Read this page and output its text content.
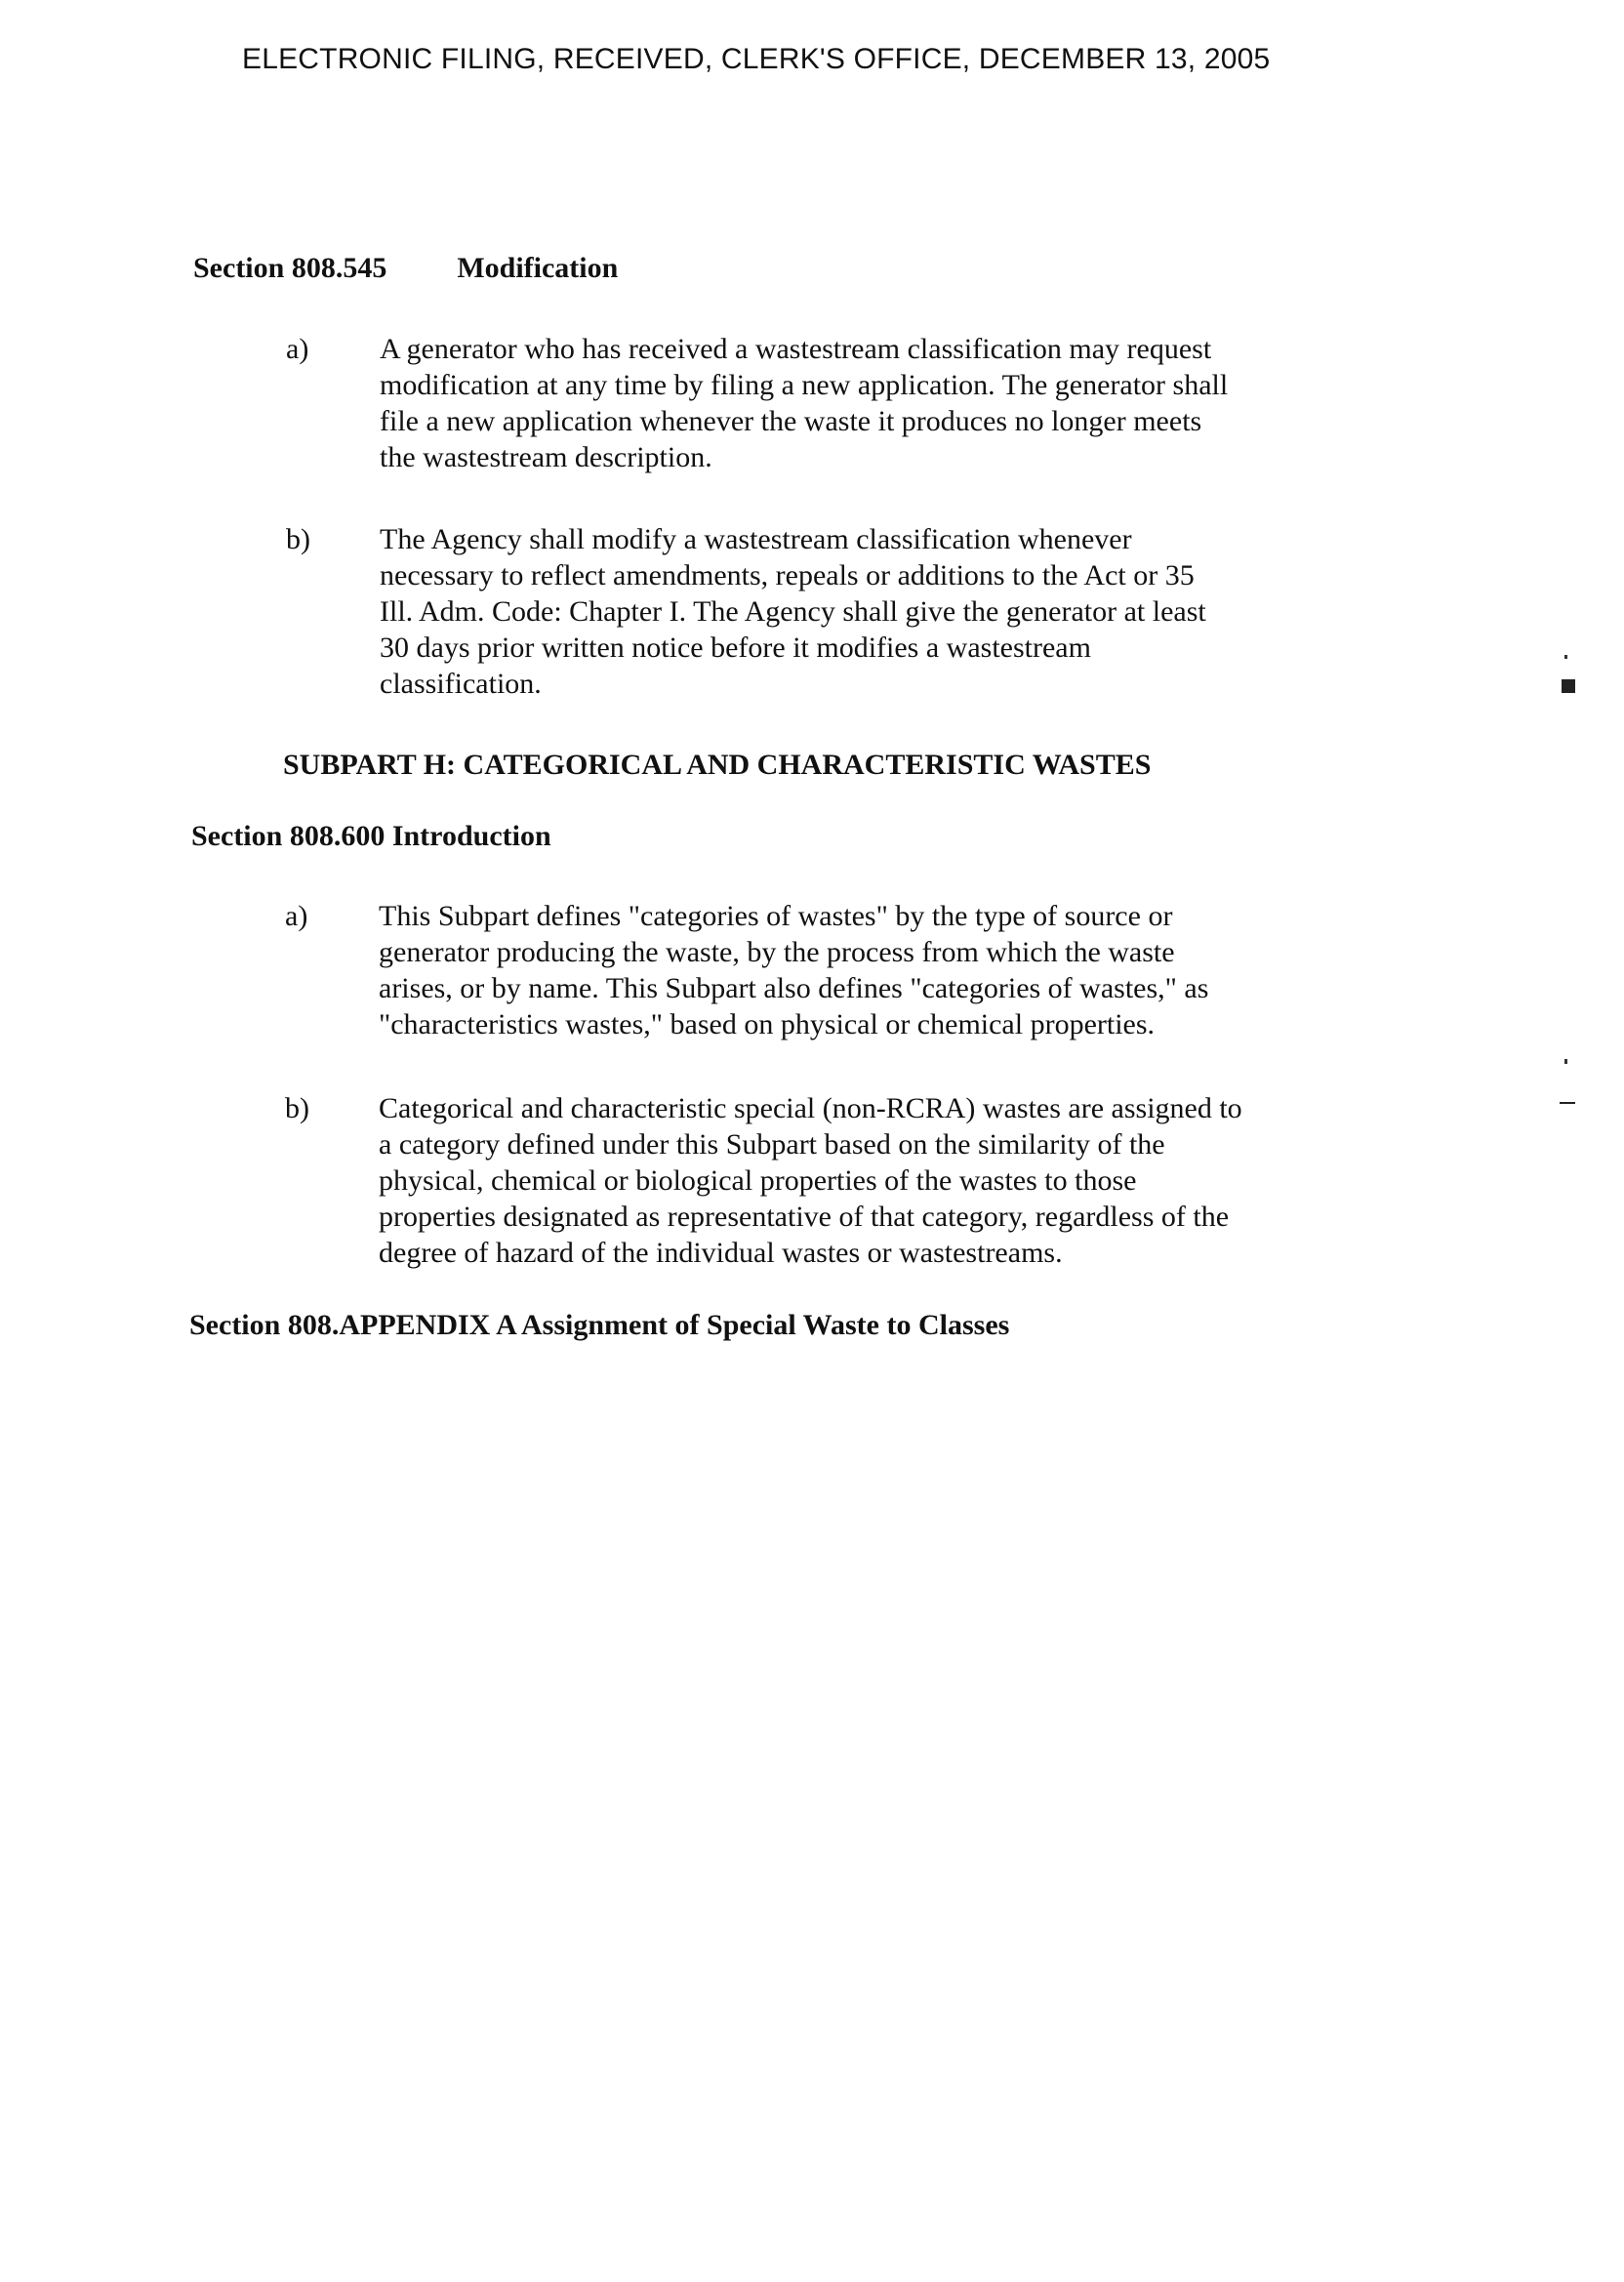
ELECTRONIC FILING, RECEIVED, CLERK'S OFFICE, DECEMBER 13, 2005
Section 808.545 Modification
a) A generator who has received a wastestream classification may request
modification at any time by filing a new application. The generator shall
file a new application whenever the waste it produces no longer meets
the wastestream description.
b) The Agency shall modify a wastestream classification whenever
necessary to reflect amendments, repeals or additions to the Act or 35
Ill. Adm. Code: Chapter I. The Agency shall give the generator at least
30 days prior written notice before it modifies a wastestream
classification.
SUBPART H: CATEGORICAL AND CHARACTERISTIC WASTES
Section 808.600 Introduction
a) This Subpart defines "categories of wastes" by the type of source or
generator producing the waste, by the process from which the waste
arises, or by name. This Subpart also defines "categories of wastes," as
"characteristics wastes," based on physical or chemical properties.
b) Categorical and characteristic special (non-RCRA) wastes are assigned to
a category defined under this Subpart based on the similarity of the
physical, chemical or biological properties of the wastes to those
properties designated as representative of that category, regardless of the
degree of hazard of the individual wastes or wastestreams.
Section 808.APPENDIX A Assignment of Special Waste to Classes
